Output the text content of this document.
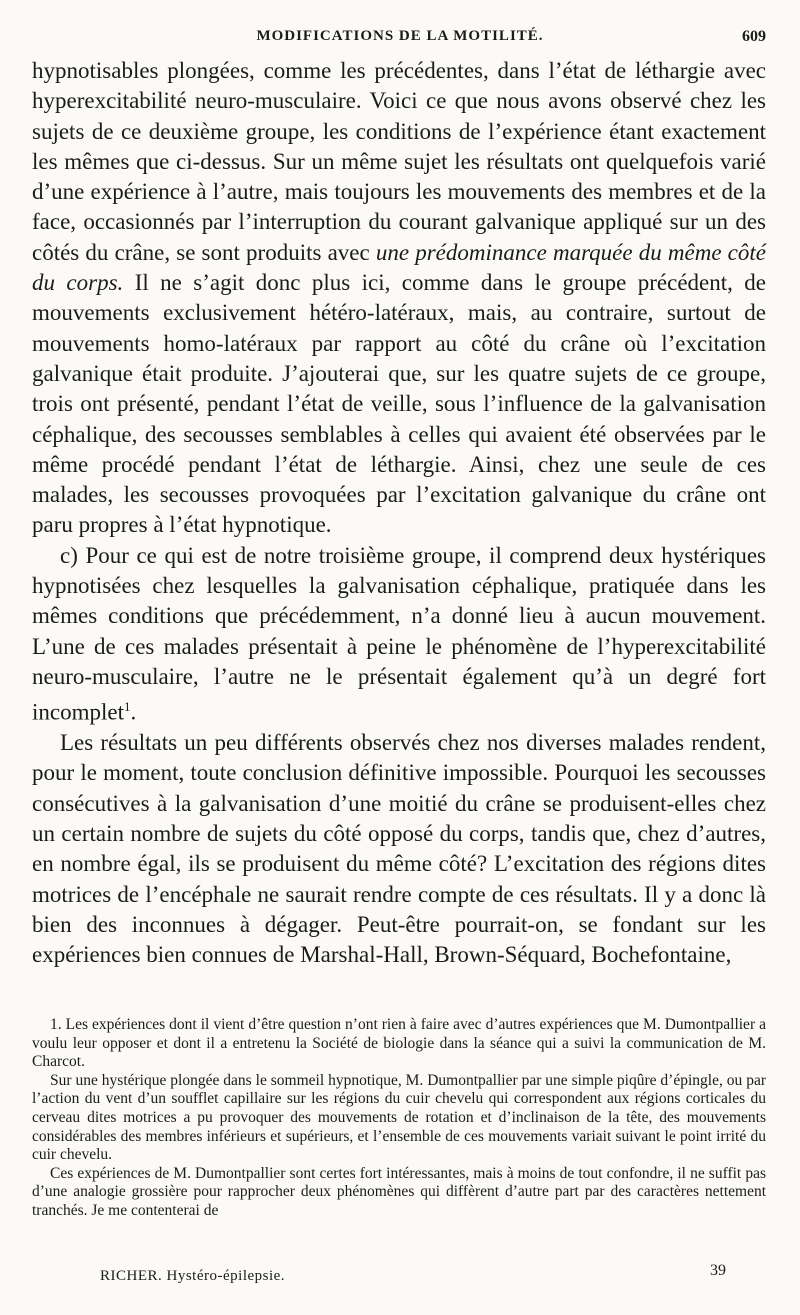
MODIFICATIONS DE LA MOTILITÉ.	609

hypnotisables plongées, comme les précédentes, dans l’état de léthargie avec hyperexcitabilité neuro-musculaire. Voici ce que nous avons observé chez les sujets de ce deuxième groupe, les conditions de l’expérience étant exactement les mêmes que ci-dessus. Sur un même sujet les résultats ont quelquefois varié d’une expérience à l’autre, mais toujours les mouvements des membres et de la face, occasionnés par l’interruption du courant galvanique appliqué sur un des côtés du crâne, se sont produits avec une prédominance marquée du même côté du corps. Il ne s’agit donc plus ici, comme dans le groupe précédent, de mouvements exclusivement hétéro-latéraux, mais, au contraire, surtout de mouvements homo-latéraux par rapport au côté du crâne où l’excitation galvanique était produite. J’ajouterai que, sur les quatre sujets de ce groupe, trois ont présenté, pendant l’état de veille, sous l’influence de la galvanisation céphalique, des secousses semblables à celles qui avaient été observées par le même procédé pendant l’état de léthargie. Ainsi, chez une seule de ces malades, les secousses provoquées par l’excitation galvanique du crâne ont paru propres à l’état hypnotique.

c) Pour ce qui est de notre troisième groupe, il comprend deux hystériques hypnotisées chez lesquelles la galvanisation céphalique, pratiquée dans les mêmes conditions que précédemment, n’a donné lieu à aucun mouvement. L’une de ces malades présentait à peine le phénomène de l’hyperexcitabilité neuro-musculaire, l’autre ne le présentait également qu’à un degré fort incomplet$^1$.

Les résultats un peu différents observés chez nos diverses malades rendent, pour le moment, toute conclusion définitive impossible. Pourquoi les secousses consécutives à la galvanisation d’une moitié du crâne se produisent-elles chez un certain nombre de sujets du côté opposé du corps, tandis que, chez d’autres, en nombre égal, ils se produisent du même côté? L’excitation des régions dites motrices de l’encéphale ne saurait rendre compte de ces résultats. Il y a donc là bien des inconnues à dégager. Peut-être pourrait-on, se fondant sur les expériences bien connues de Marshal-Hall, Brown-Séquard, Bochefontaine,

1. Les expériences dont il vient d’être question n’ont rien à faire avec d’autres expériences que M. Dumontpallier a voulu leur opposer et dont il a entretenu la Société de biologie dans la séance qui a suivi la communication de M. Charcot.

Sur une hystérique plongée dans le sommeil hypnotique, M. Dumontpallier par une simple piqûre d’épingle, ou par l’action du vent d’un soufflet capillaire sur les régions du cuir chevelu qui correspondent aux régions corticales du cerveau dites motrices a pu provoquer des mouvements de rotation et d’inclinaison de la tête, des mouvements considérables des membres inférieurs et supérieurs, et l’ensemble de ces mouvements variait suivant le point irrité du cuir chevelu.

Ces expériences de M. Dumontpallier sont certes fort intéressantes, mais à moins de tout confondre, il ne suffit pas d’une analogie grossière pour rapprocher deux phénomènes qui diffèrent d’autre part par des caractères nettement tranchés. Je me contenterai de

RICHER. Hystéro-épilepsie.	39
